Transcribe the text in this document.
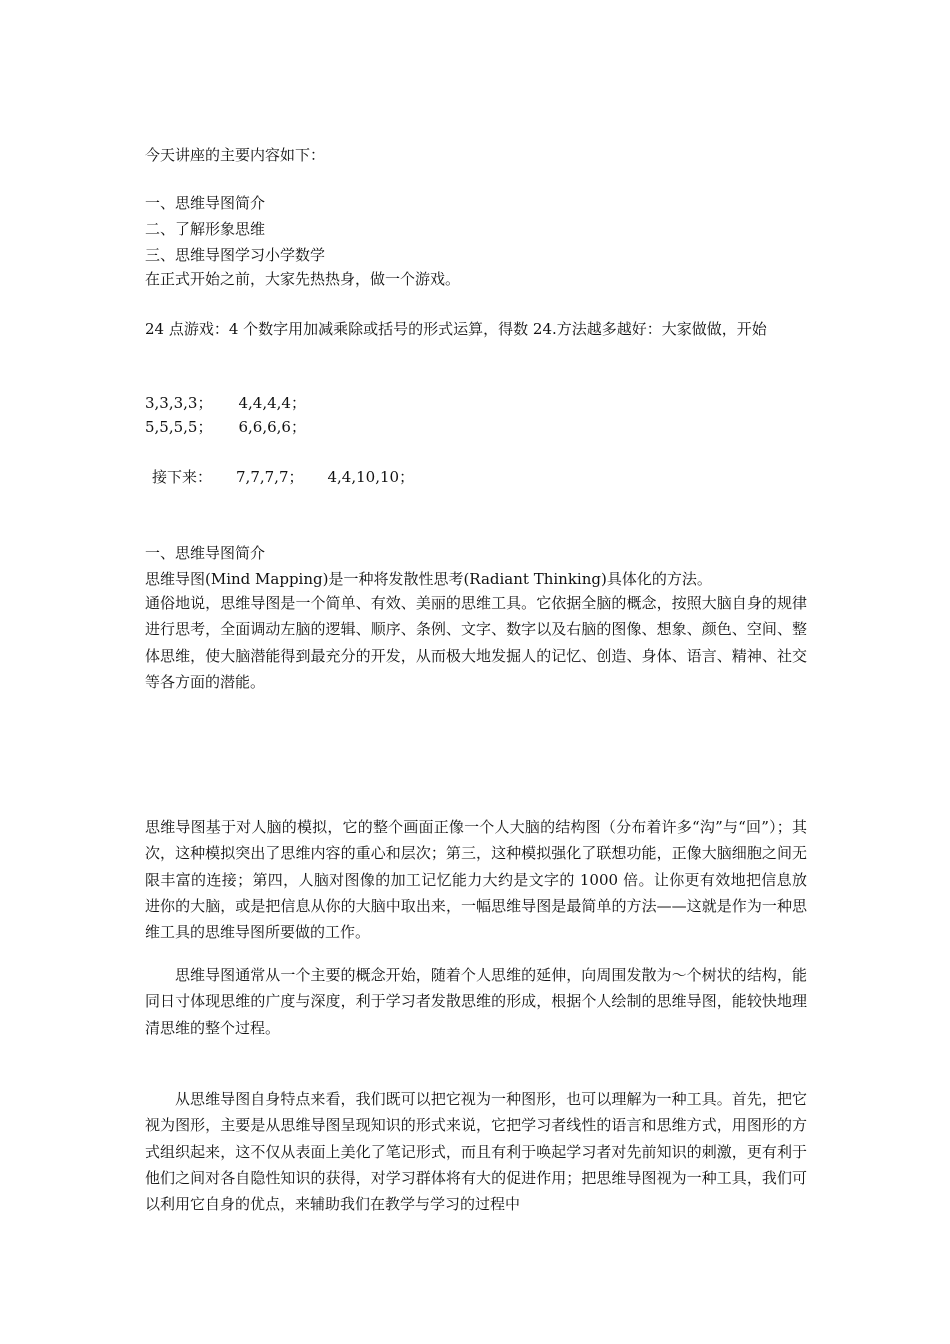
今天讲座的主要内容如下：
一、思维导图简介
二、了解形象思维
三、思维导图学习小学数学
在正式开始之前，大家先热热身，做一个游戏。
24 点游戏：4 个数字用加减乘除或括号的形式运算，得数 24.方法越多越好：大家做做，开始
3,3,3,3； 4,4,4,4；
5,5,5,5； 6,6,6,6；
接下来： 7,7,7,7； 4,4,10,10；
一、思维导图简介
思维导图(Mind Mapping)是一种将发散性思考(Radiant Thinking)具体化的方法。
通俗地说，思维导图是一个简单、有效、美丽的思维工具。它依据全脑的概念，按照大脑自身的规律进行思考，全面调动左脑的逻辑、顺序、条例、文字、数字以及右脑的图像、想象、颜色、空间、整体思维，使大脑潜能得到最充分的开发，从而极大地发掘人的记忆、创造、身体、语言、精神、社交等各方面的潜能。
思维导图基于对人脑的模拟，它的整个画面正像一个人大脑的结构图（分布着许多“沟”与“回”）；其次，这种模拟突出了思维内容的重心和层次；第三，这种模拟强化了联想功能，正像大脑细胞之间无限丰富的连接；第四，人脑对图像的加工记忆能力大约是文字的 1000 倍。让你更有效地把信息放进你的大脑，或是把信息从你的大脑中取出来，一幅思维导图是最简单的方法——这就是作为一种思维工具的思维导图所要做的工作。
思维导图通常从一个主要的概念开始，随着个人思维的延伸，向周围发散为～个树状的结构，能同日寸体现思维的广度与深度，利于学习者发散思维的形成，根据个人绘制的思维导图，能较快地理清思维的整个过程。
从思维导图自身特点来看，我们既可以把它视为一种图形，也可以理解为一种工具。首先，把它视为图形，主要是从思维导图呈现知识的形式来说，它把学习者线性的语言和思维方式，用图形的方式组织起来，这不仅从表面上美化了笔记形式，而且有利于唤起学习者对先前知识的刺激，更有利于他们之间对各自隐性知识的获得，对学习群体将有大的促进作用；把思维导图视为一种工具，我们可以利用它自身的优点，来辅助我们在教学与学习的过程中
